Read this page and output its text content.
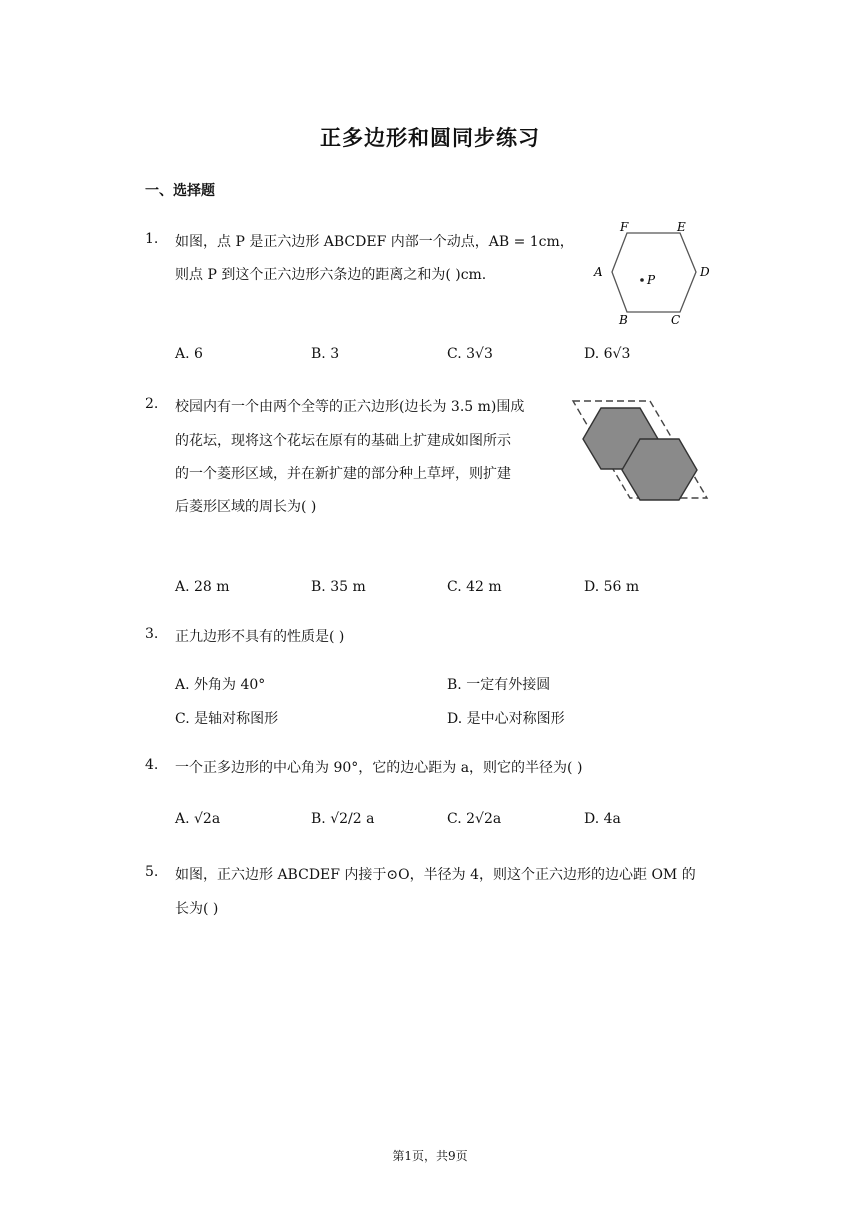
正多边形和圆同步练习
一、选择题
1. 如图，点 P 是正六边形 ABCDEF 内部一个动点，AB = 1cm，
则点 P 到这个正六边形六条边的距离之和为( )cm.
F	E
A	D
B	C
P
A. 6	B. 3	C. 3√3	D. 6√3
2. 校园内有一个由两个全等的正六边形(边长为 3.5 m)围成
的花坛，现将这个花坛在原有的基础上扩建成如图所示
的一个菱形区域，并在新扩建的部分种上草坪，则扩建
后菱形区域的周长为( )
A. 28 m	B. 35 m	C. 42 m	D. 56 m
3. 正九边形不具有的性质是( )
A. 外角为 40°	B. 一定有外接圆
C. 是轴对称图形	D. 是中心对称图形
4. 一个正多边形的中心角为 90°，它的边心距为 a，则它的半径为( )
A. √2a	B. √2/2 a	C. 2√2a	D. 4a
5. 如图，正六边形 ABCDEF 内接于⊙O，半径为 4，则这个正六边形的边心距 OM 的
长为( )
第1页，共9页
